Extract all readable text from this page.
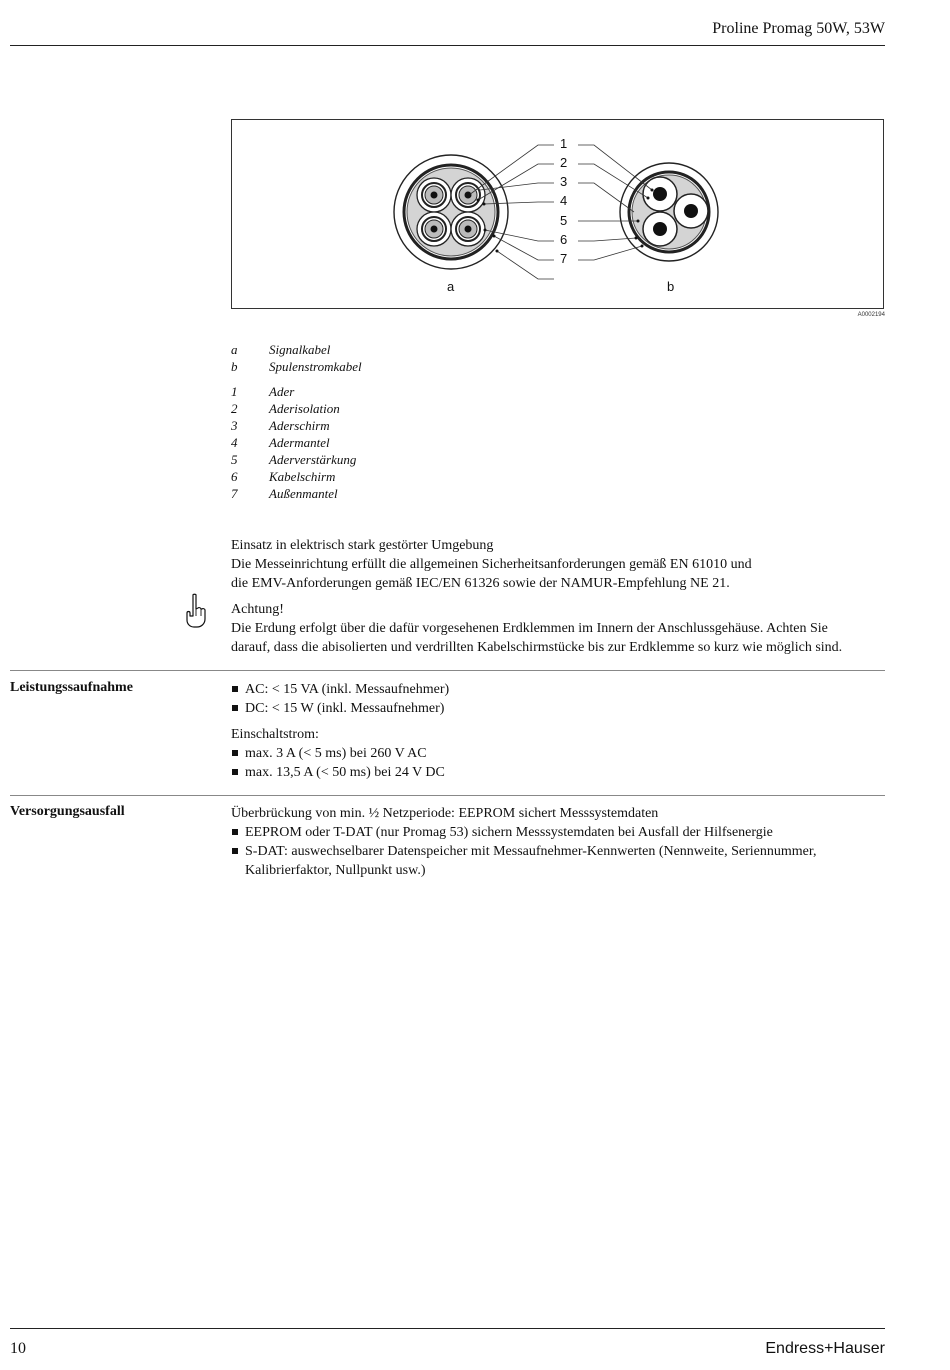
Proline Promag 50W, 53W
1
2
3
4
5
6
7
a	b
A0002194
a	Signalkabel
b	Spulenstromkabel
1	Ader
2	Aderisolation
3	Aderschirm
4	Adermantel
5	Aderverstärkung
6	Kabelschirm
7	Außenmantel
Einsatz in elektrisch stark gestörter Umgebung
Die Messeinrichtung erfüllt die allgemeinen Sicherheitsanforderungen gemäß EN 61010 und
die EMV-Anforderungen gemäß IEC/EN 61326 sowie der NAMUR-Empfehlung NE 21.
Achtung!
Die Erdung erfolgt über die dafür vorgesehenen Erdklemmen im Innern der Anschlussgehäuse. Achten Sie
darauf, dass die abisolierten und verdrillten Kabelschirmstücke bis zur Erdklemme so kurz wie möglich sind.
Leistungssaufnahme	AC: < 15 VA (inkl. Messaufnehmer)
DC: < 15 W (inkl. Messaufnehmer)
Einschaltstrom:
max. 3 A (< 5 ms) bei 260 V AC
max. 13,5 A (< 50 ms) bei 24 V DC
Versorgungsausfall	Überbrückung von min. ½ Netzperiode: EEPROM sichert Messsystemdaten
EEPROM oder T-DAT (nur Promag 53) sichern Messsystemdaten bei Ausfall der Hilfsenergie
S-DAT: auswechselbarer Datenspeicher mit Messaufnehmer-Kennwerten (Nennweite, Seriennummer,
Kalibrierfaktor, Nullpunkt usw.)
10	Endress+Hauser
